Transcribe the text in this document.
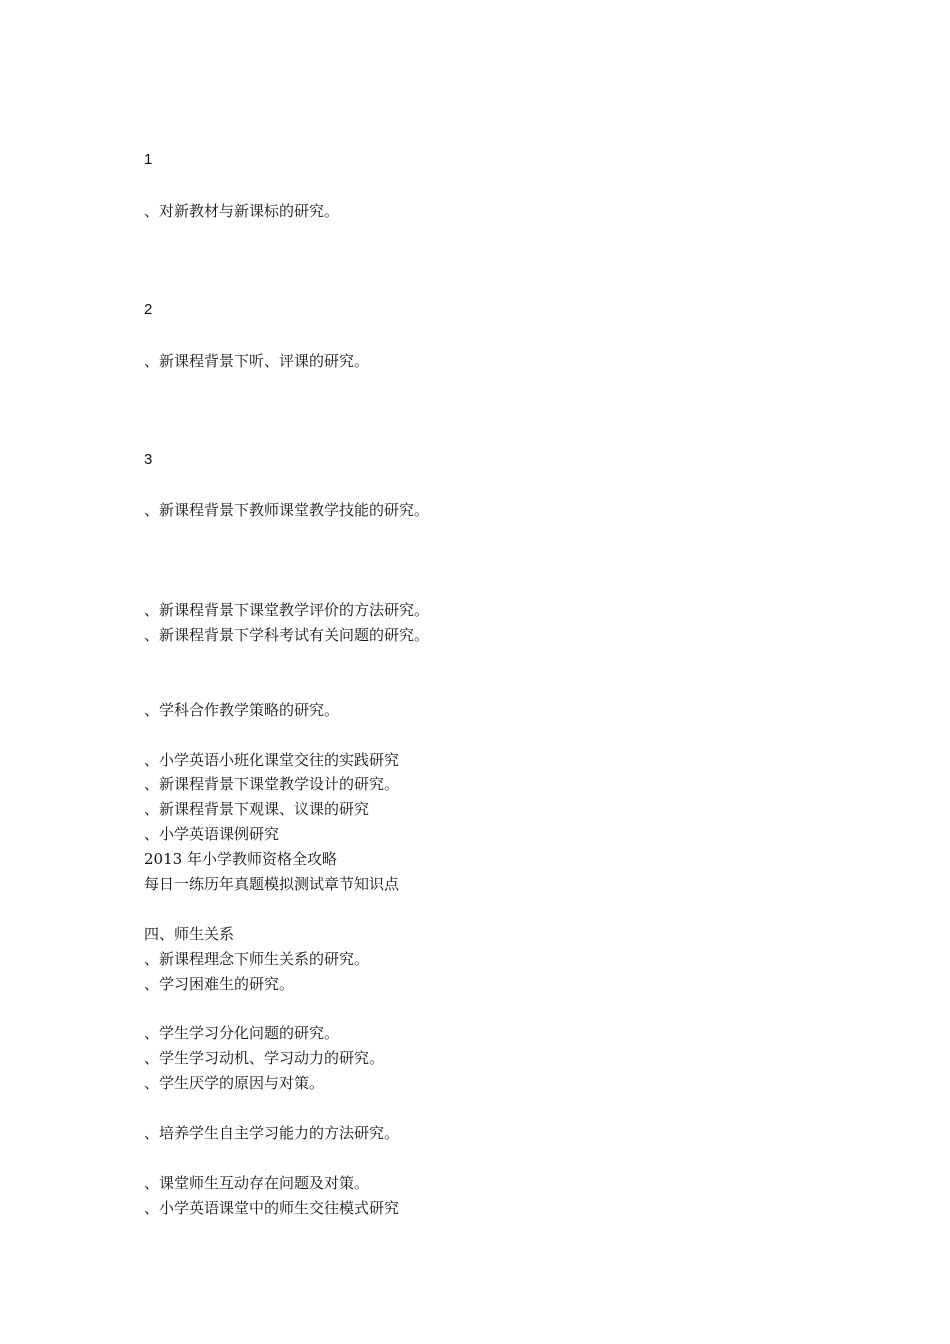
1
、对新教材与新课标的研究。
2
、新课程背景下听、评课的研究。
3
、新课程背景下教师课堂教学技能的研究。
、新课程背景下课堂教学评价的方法研究。
、新课程背景下学科考试有关问题的研究。
、学科合作教学策略的研究。
、小学英语小班化课堂交往的实践研究
、新课程背景下课堂教学设计的研究。
、新课程背景下观课、议课的研究
、小学英语课例研究
2013 年小学教师资格全攻略
每日一练历年真题模拟测试章节知识点
四、师生关系
、新课程理念下师生关系的研究。
、学习困难生的研究。
、学生学习分化问题的研究。
、学生学习动机、学习动力的研究。
、学生厌学的原因与对策。
、培养学生自主学习能力的方法研究。
、课堂师生互动存在问题及对策。
、小学英语课堂中的师生交往模式研究
